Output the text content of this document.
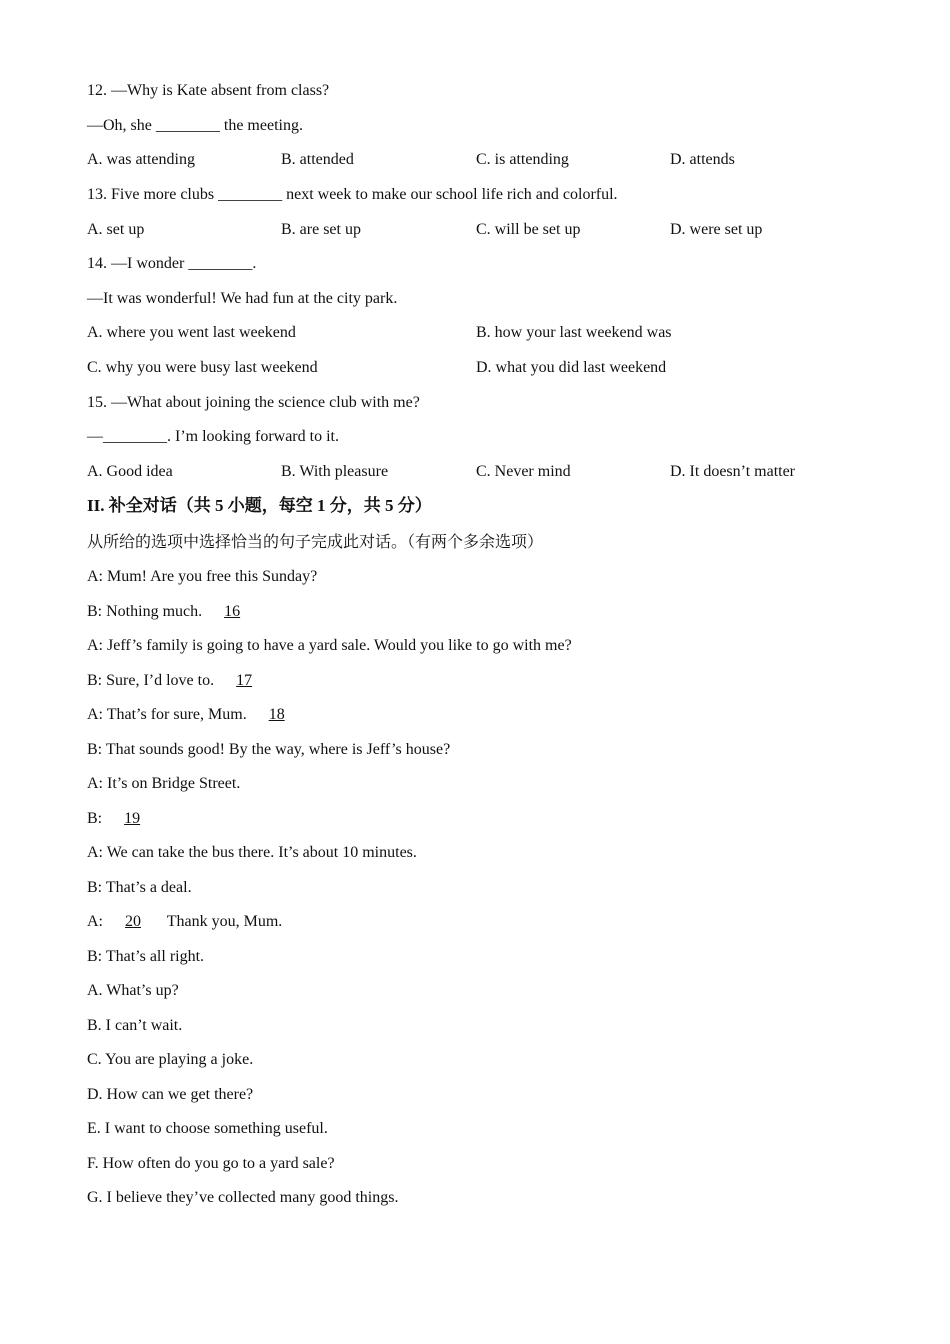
12. —Why is Kate absent from class?
—Oh, she ________ the meeting.
A. was attending	B. attended	C. is attending	D. attends
13. Five more clubs ________ next week to make our school life rich and colorful.
A. set up	B. are set up	C. will be set up	D. were set up
14. —I wonder ________.
—It was wonderful! We had fun at the city park.
A. where you went last weekend	B. how your last weekend was
C. why you were busy last weekend	D. what you did last weekend
15. —What about joining the science club with me?
—________. I’m looking forward to it.
A. Good idea	B. With pleasure	C. Never mind	D. It doesn’t matter
II. 补全对话（共 5 小题，每空 1 分，共 5 分）
从所给的选项中选择恰当的句子完成此对话。（有两个多余选项）
A: Mum! Are you free this Sunday?
B: Nothing much. 16
A: Jeff’s family is going to have a yard sale. Would you like to go with me?
B: Sure, I’d love to. 17
A: That’s for sure, Mum. 18
B: That sounds good! By the way, where is Jeff’s house?
A: It’s on Bridge Street.
B: 19
A: We can take the bus there. It’s about 10 minutes.
B: That’s a deal.
A: 20 Thank you, Mum.
B: That’s all right.
A. What’s up?
B. I can’t wait.
C. You are playing a joke.
D. How can we get there?
E. I want to choose something useful.
F. How often do you go to a yard sale?
G. I believe they’ve collected many good things.
